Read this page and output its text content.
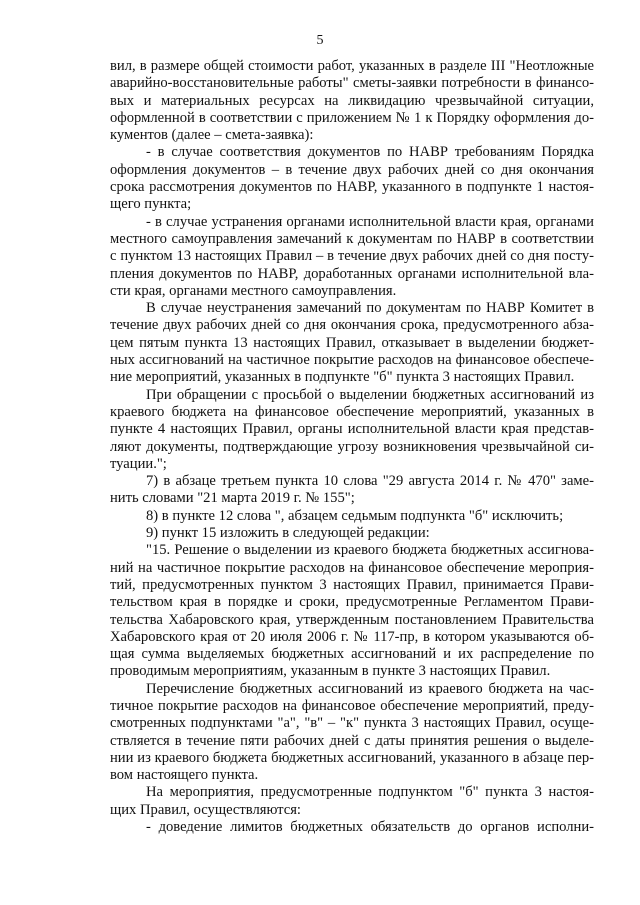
5
вил, в размере общей стоимости работ, указанных в разделе III "Неотложные
аварийно-восстановительные работы" сметы-заявки потребности в финансо-
вых и материальных ресурсах на ликвидацию чрезвычайной ситуации,
оформленной в соответствии с приложением № 1 к Порядку оформления до-
кументов (далее – смета-заявка):
- в случае соответствия документов по НАВР требованиям Порядка
оформления документов – в течение двух рабочих дней со дня окончания
срока рассмотрения документов по НАВР, указанного в подпункте 1 настоя-
щего пункта;
- в случае устранения органами исполнительной власти края, органами
местного самоуправления замечаний к документам по НАВР в соответствии
с пунктом 13 настоящих Правил – в течение двух рабочих дней со дня посту-
пления документов по НАВР, доработанных органами исполнительной вла-
сти края, органами местного самоуправления.
В случае неустранения замечаний по документам по НАВР Комитет в
течение двух рабочих дней со дня окончания срока, предусмотренного абза-
цем пятым пункта 13 настоящих Правил, отказывает в выделении бюджет-
ных ассигнований на частичное покрытие расходов на финансовое обеспече-
ние мероприятий, указанных в подпункте "б" пункта 3 настоящих Правил.
При обращении с просьбой о выделении бюджетных ассигнований из
краевого бюджета на финансовое обеспечение мероприятий, указанных в
пункте 4 настоящих Правил, органы исполнительной власти края представ-
ляют документы, подтверждающие угрозу возникновения чрезвычайной си-
туации.";
7) в абзаце третьем пункта 10 слова "29 августа 2014 г. № 470" заме-
нить словами "21 марта 2019 г. № 155";
8) в пункте 12 слова ", абзацем седьмым подпункта "б" исключить;
9) пункт 15 изложить в следующей редакции:
"15. Решение о выделении из краевого бюджета бюджетных ассигнова-
ний на частичное покрытие расходов на финансовое обеспечение мероприя-
тий, предусмотренных пунктом 3 настоящих Правил, принимается Прави-
тельством края в порядке и сроки, предусмотренные Регламентом Прави-
тельства Хабаровского края, утвержденным постановлением Правительства
Хабаровского края от 20 июля 2006 г. № 117-пр, в котором указываются об-
щая сумма выделяемых бюджетных ассигнований и их распределение по
проводимым мероприятиям, указанным в пункте 3 настоящих Правил.
Перечисление бюджетных ассигнований из краевого бюджета на час-
тичное покрытие расходов на финансовое обеспечение мероприятий, преду-
смотренных подпунктами "а", "в" – "к" пункта 3 настоящих Правил, осуще-
ствляется в течение пяти рабочих дней с даты принятия решения о выделе-
нии из краевого бюджета бюджетных ассигнований, указанного в абзаце пер-
вом настоящего пункта.
На мероприятия, предусмотренные подпунктом "б" пункта 3 настоя-
щих Правил, осуществляются:
- доведение лимитов бюджетных обязательств до органов исполни-
